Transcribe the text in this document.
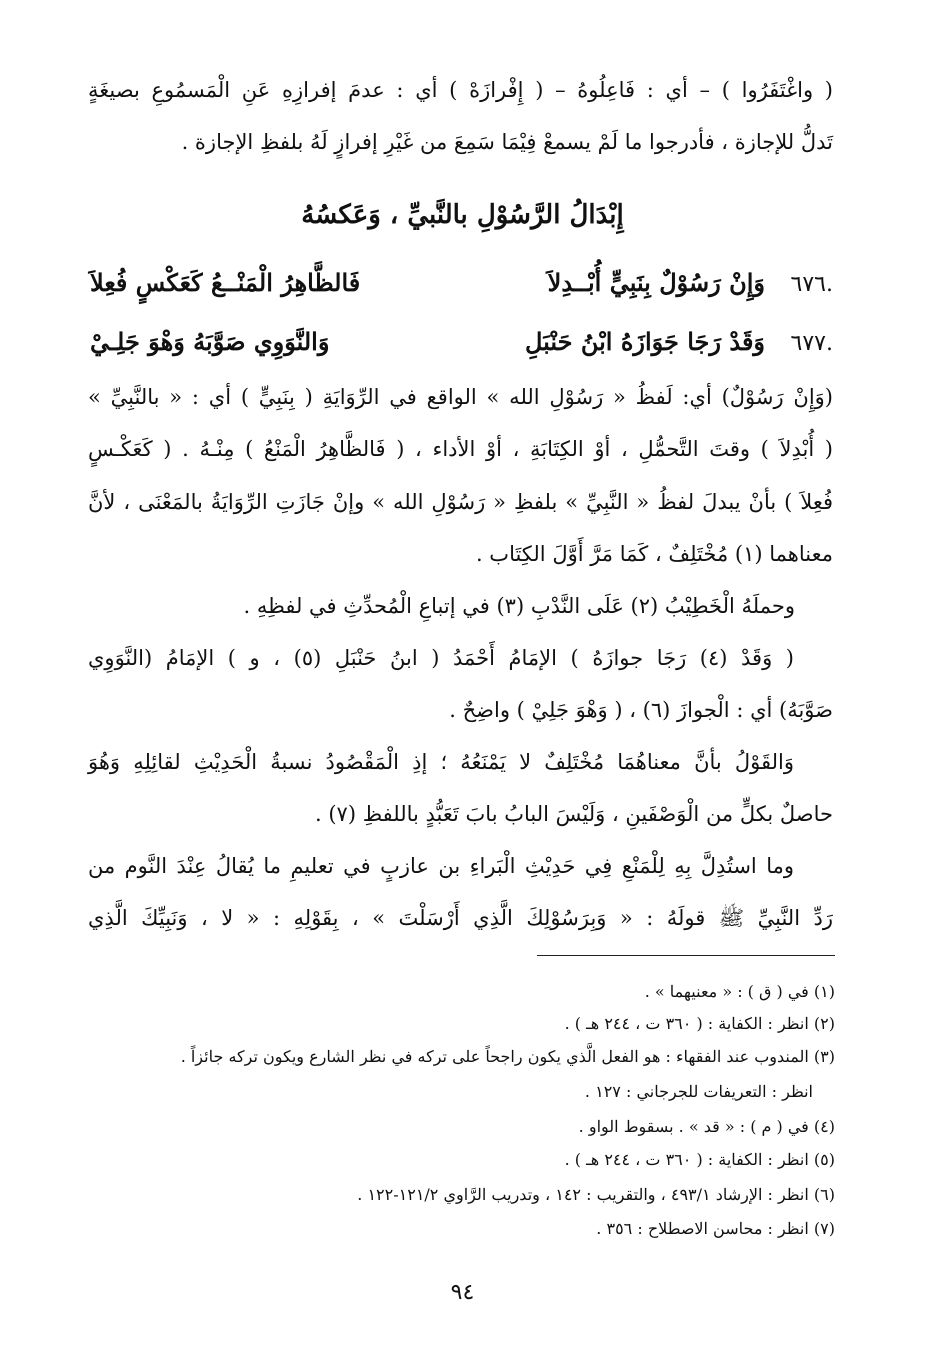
( واغْتَفَرُوا ) – أي : فَاعِلُوهُ – ( إِفْرازَهْ ) أي : عدمَ إفرازِهِ عَنِ الْمَسمُوعِ بصيغَةٍ
تَدلُّ للإجازة ، فأدرجوا ما لَمْ يسمعْ فِيْمَا سَمِعَ من غَيْرِ إفرازٍ لَهُ بلفظِ الإجازة .
إِبْدَالُ الرَّسُوْلِ بالنَّبيِّ ، وَعَكسُهُ
٦٧٦.
وَإِنْ رَسُوْلٌ بِنَبِيٍّ أُبْــدِلاَ
فَالظَّاهِرُ الْمَنْــعُ كَعَكْسٍ فُعِلاَ
٦٧٧.
وَقَدْ رَجَا جَوَازَهُ ابْنُ حَنْبَلِ
وَالنَّوَوِي صَوَّبَهُ وَهْوَ جَلِـيْ
(وَإِنْ رَسُوْلٌ) أي: لَفظُ « رَسُوْلِ الله » الواقع في الرِّوَايَةِ ( بِنَبِيٍّ ) أي : « بالنَّبِيِّ »
( أُبْدِلاَ ) وقتَ التَّحمُّلِ ، أوْ الكِتَابَةِ ، أوْ الأداء ، ( فَالظَّاهِرُ الْمَنْعُ ) مِنْـهُ . ( كَعَكْـسٍ
فُعِلاَ ) بأنْ يبدلَ لفظُ « النَّبِيِّ » بلفظِ « رَسُوْلِ الله » وإنْ جَازَتِ الرِّوَايَةُ بالمَعْنَى ، لأنَّ
معناهما (١) مُخْتَلِفٌ ، كَمَا مَرَّ أَوَّلَ الكِتَاب .
وحملَهُ الْخَطِيْبُ (٢) عَلَى النَّدْبِ (٣) في إتباعِ الْمُحدِّثِ في لفظِهِ .
( وَقَدْ (٤) رَجَا جوازَهُ ) الإمَامُ أَحْمَدُ ( ابنُ حَنْبَلِ (٥) ، و ) الإمَامُ (النَّوَوِي
صَوَّبَهُ) أي : الْجوازَ (٦) ، ( وَهْوَ جَلِيْ ) واضِحٌ .
وَالقَوْلُ بأنَّ معناهُمَا مُخْتَلِفٌ لا يَمْنَعُهُ ؛ إذِ الْمَقْصُودُ نسبةُ الْحَدِيْثِ لقائِلِهِ وَهُوَ
حاصلٌ بكلٍّ من الْوَصْفَينِ ، وَلَيْسَ البابُ بابَ تَعَبُّدٍ باللفظِ (٧) .
وما استُدِلَّ بِهِ لِلْمَنْعِ فِي حَدِيْثِ الْبَراءِ بن عازبٍ في تعليمِ ما يُقالُ عِنْدَ النَّوم من
رَدِّ النَّبِيِّ ﷺ قولَهُ : « وَبِرَسُوْلِكَ الَّذِي أَرْسَلْتَ » ، بِقَوْلِهِ : « لا ، وَنَبِيِّكَ الَّذِي
(١) في ( ق ) : « معنيهما » .
(٢) انظر : الكفاية : ( ٣٦٠ ت ، ٢٤٤ هـ ) .
(٣) المندوب عند الفقهاء : هو الفعل الَّذي يكون راجحاً على تركه في نظر الشارع ويكون تركه جائزاً .
انظر : التعريفات للجرجاني : ١٢٧ .
(٤) في ( م ) : « قد » . بسقوط الواو .
(٥) انظر : الكفاية : ( ٣٦٠ ت ، ٢٤٤ هـ ) .
(٦) انظر : الإرشاد ٤٩٣/١ ، والتقريب : ١٤٢ ، وتدريب الرَّاوي ١٢١/٢-١٢٢ .
(٧) انظر : محاسن الاصطلاح : ٣٥٦ .
٩٤
